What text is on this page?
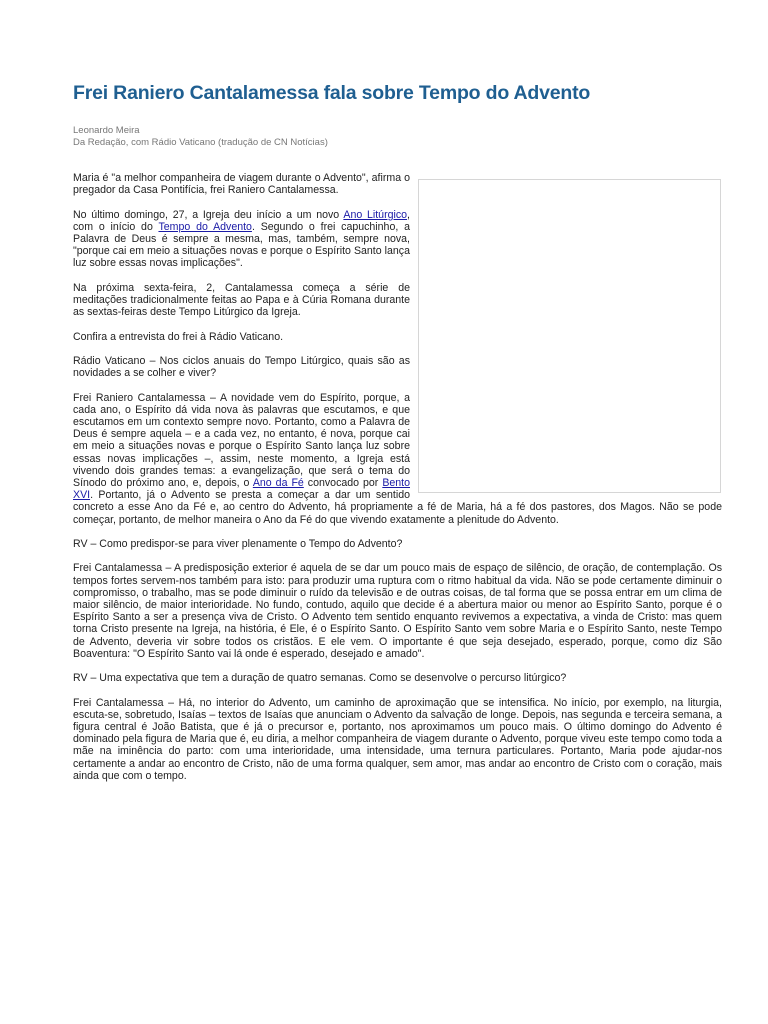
Frei Raniero Cantalamessa fala sobre Tempo do Advento
Leonardo Meira
Da Redação, com Rádio Vaticano (tradução de CN Notícias)

Maria é "a melhor companheira de viagem durante o Advento", afirma o pregador da Casa Pontifícia, frei Raniero Cantalamessa.

No último domingo, 27, a Igreja deu início a um novo Ano Litúrgico, com o início do Tempo do Advento. Segundo o frei capuchinho, a Palavra de Deus é sempre a mesma, mas, também, sempre nova, "porque cai em meio a situações novas e porque o Espírito Santo lança luz sobre essas novas implicações".

Na próxima sexta-feira, 2, Cantalamessa começa a série de meditações tradicionalmente feitas ao Papa e à Cúria Romana durante as sextas-feiras deste Tempo Litúrgico da Igreja.

Confira a entrevista do frei à Rádio Vaticano.

Rádio Vaticano – Nos ciclos anuais do Tempo Litúrgico, quais são as novidades a se colher e viver?

Frei Raniero Cantalamessa – A novidade vem do Espírito, porque, a cada ano, o Espírito dá vida nova às palavras que escutamos, e que escutamos em um contexto sempre novo. Portanto, como a Palavra de Deus é sempre aquela – e a cada vez, no entanto, é nova, porque cai em meio a situações novas e porque o Espírito Santo lança luz sobre essas novas implicações –, assim, neste momento, a Igreja está vivendo dois grandes temas: a evangelização, que será o tema do Sínodo do próximo ano, e, depois, o Ano da Fé convocado por Bento XVI. Portanto, já o Advento se presta a começar a dar um sentido concreto a esse Ano da Fé e, ao centro do Advento, há propriamente a fé de Maria, há a fé dos pastores, dos Magos. Não se pode começar, portanto, de melhor maneira o Ano da Fé do que vivendo exatamente a plenitude do Advento.

RV – Como predispor-se para viver plenamente o Tempo do Advento?

Frei Cantalamessa – A predisposição exterior é aquela de se dar um pouco mais de espaço de silêncio, de oração, de contemplação. Os tempos fortes servem-nos também para isto: para produzir uma ruptura com o ritmo habitual da vida. Não se pode certamente diminuir o compromisso, o trabalho, mas se pode diminuir o ruído da televisão e de outras coisas, de tal forma que se possa entrar em um clima de maior silêncio, de maior interioridade. No fundo, contudo, aquilo que decide é a abertura maior ou menor ao Espírito Santo, porque é o Espírito Santo a ser a presença viva de Cristo. O Advento tem sentido enquanto revivemos a expectativa, a vinda de Cristo: mas quem torna Cristo presente na Igreja, na história, é Ele, é o Espírito Santo. O Espírito Santo vem sobre Maria e o Espírito Santo, neste Tempo de Advento, deveria vir sobre todos os cristãos. E ele vem. O importante é que seja desejado, esperado, porque, como diz São Boaventura: "O Espírito Santo vai lá onde é esperado, desejado e amado".

RV – Uma expectativa que tem a duração de quatro semanas. Como se desenvolve o percurso litúrgico?

Frei Cantalamessa – Há, no interior do Advento, um caminho de aproximação que se intensifica. No início, por exemplo, na liturgia, escuta-se, sobretudo, Isaías – textos de Isaías que anunciam o Advento da salvação de longe. Depois, nas segunda e terceira semana, a figura central é João Batista, que é já o precursor e, portanto, nos aproximamos um pouco mais. O último domingo do Advento é dominado pela figura de Maria que é, eu diria, a melhor companheira de viagem durante o Advento, porque viveu este tempo como toda a mãe na iminência do parto: com uma interioridade, uma intensidade, uma ternura particulares. Portanto, Maria pode ajudar-nos certamente a andar ao encontro de Cristo, não de uma forma qualquer, sem amor, mas andar ao encontro de Cristo com o coração, mais ainda que com o tempo.
